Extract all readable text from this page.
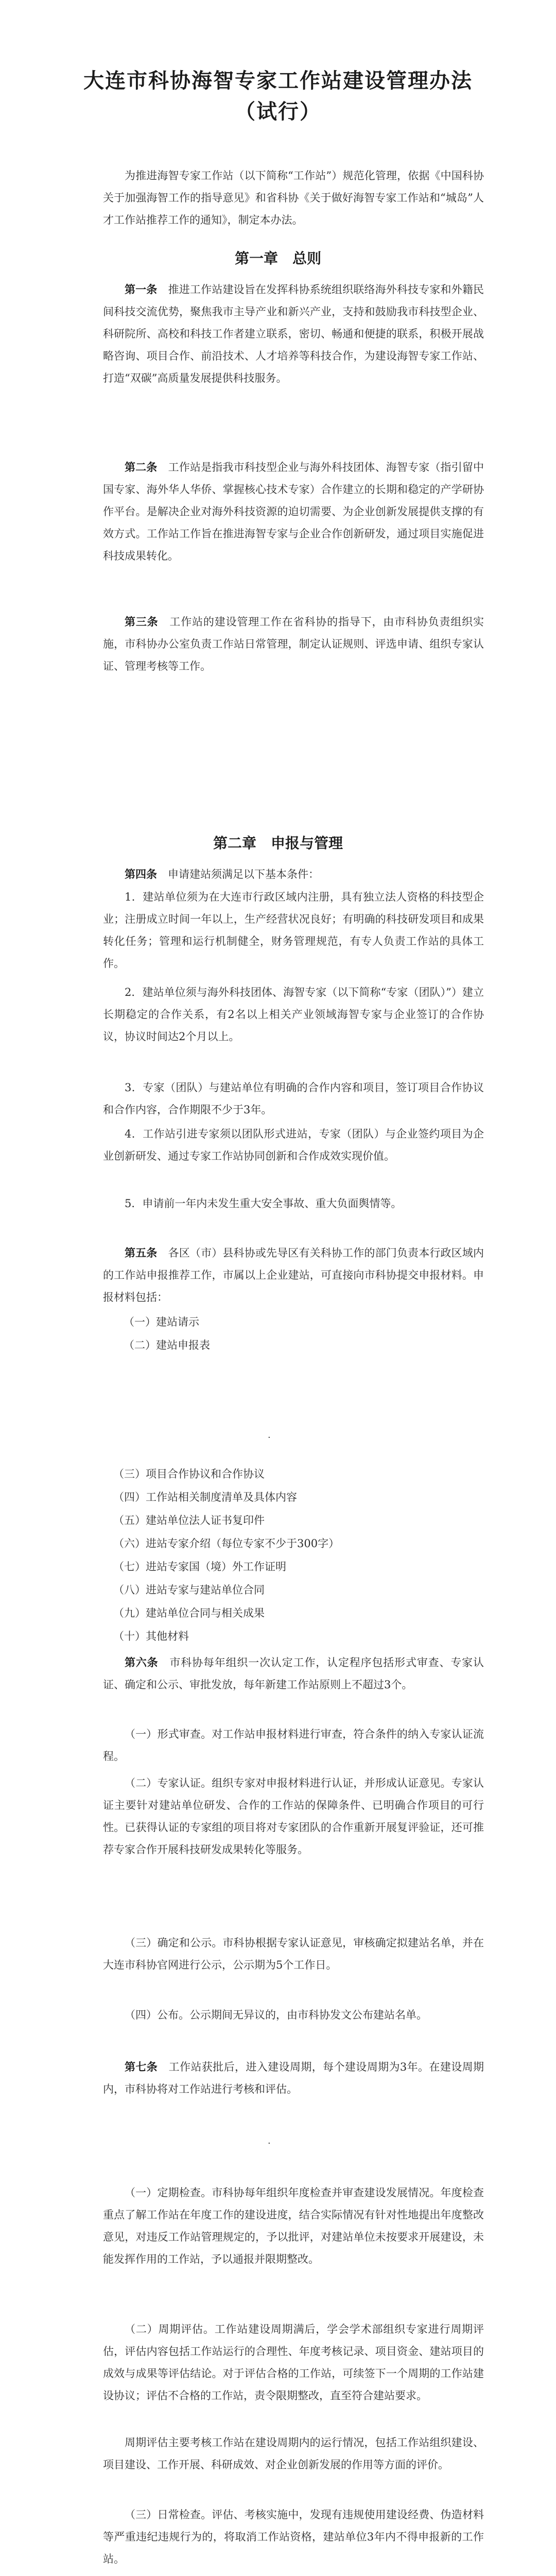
大连市科协海智专家工作站建设管理办法
（试行）
为推进海智专家工作站（以下简称“工作站”）规范化管理，依据《中国科协关于加强海智工作的指导意见》和省科协《关于做好海智专家工作站和“城岛”人才工作站推荐工作的通知》，制定本办法。
第一章　总则
第一条　 推进工作站建设旨在发挥科协系统组织联络海外科技专家和外籍民间科技交流优势，聚焦我市主导产业和新兴产业，支持和鼓励我市科技型企业、科研院所、高校和科技工作者建立联系，密切、畅通和便捷的联系，积极开展战略咨询、项目合作、前沿技术、人才培养等科技合作，为建设海智专家工作站、打造“双碳”高质量发展提供科技服务。
第二条　 工作站是指我市科技型企业与海外科技团体、海智专家（指引留中国专家、海外华人华侨、掌握核心技术专家）合作建立的长期和稳定的产学研协作平台。是解决企业对海外科技资源的迫切需要、为企业创新发展提供支撑的有效方式。工作站工作旨在推进海智专家与企业合作创新研发，通过项目实施促进科技成果转化。
第三条　 工作站的建设管理工作在省科协的指导下，由市科协负责组织实施，市科协办公室负责工作站日常管理，制定认证规则、评选申请、组织专家认证、管理考核等工作。
第二章　申报与管理
第四条　 申请建站须满足以下基本条件：
1．建站单位须为在大连市行政区域内注册，具有独立法人资格的科技型企业；注册成立时间一年以上，生产经营状况良好；有明确的科技研发项目和成果转化任务；管理和运行机制健全，财务管理规范，有专人负责工作站的具体工作。
2．建站单位须与海外科技团体、海智专家（以下简称“专家（团队）”）建立长期稳定的合作关系，有2名以上相关产业领域海智专家与企业签订的合作协议，协议时间达2个月以上。
3．专家（团队）与建站单位有明确的合作内容和项目，签订项目合作协议和合作内容，合作期限不少于3年。
4．工作站引进专家须以团队形式进站，专家（团队）与企业签约项目为企业创新研发、通过专家工作站协同创新和合作成效实现价值。
5．申请前一年内未发生重大安全事故、重大负面舆情等。
第五条　 各区（市）县科协或先导区有关科协工作的部门负责本行政区域内的工作站申报推荐工作，市属以上企业建站，可直接向市科协提交申报材料。申报材料包括：
（一）建站请示
（二）建站申报表
·
（三）项目合作协议和合作协议
（四）工作站相关制度清单及具体内容
（五）建站单位法人证书复印件
（六）进站专家介绍（每位专家不少于300字）
（七）进站专家国（境）外工作证明
（八）进站专家与建站单位合同
（九）建站单位合同与相关成果
（十）其他材料
第六条　 市科协每年组织一次认定工作，认定程序包括形式审查、专家认证、确定和公示、审批发放，每年新建工作站原则上不超过3个。
（一）形式审查。对工作站申报材料进行审查，符合条件的纳入专家认证流程。
（二）专家认证。组织专家对申报材料进行认证，并形成认证意见。专家认证主要针对建站单位研发、合作的工作站的保障条件、已明确合作项目的可行性。已获得认证的专家组的项目将对专家团队的合作重新开展复评验证，还可推荐专家合作开展科技研发成果转化等服务。
（三）确定和公示。市科协根据专家认证意见，审核确定拟建站名单，并在大连市科协官网进行公示，公示期为5个工作日。
（四）公布。公示期间无异议的，由市科协发文公布建站名单。
第七条　 工作站获批后，进入建设周期，每个建设周期为3年。在建设周期内，市科协将对工作站进行考核和评估。
·
（一）定期检查。市科协每年组织年度检查并审查建设发展情况。年度检查重点了解工作站在年度工作的建设进度，结合实际情况有针对性地提出年度整改意见，对违反工作站管理规定的，予以批评，对建站单位未按要求开展建设，未能发挥作用的工作站，予以通报并限期整改。
（二）周期评估。工作站建设周期满后，学会学术部组织专家进行周期评估，评估内容包括工作站运行的合理性、年度考核记录、项目资金、建站项目的成效与成果等评估结论。对于评估合格的工作站，可续签下一个周期的工作站建设协议；评估不合格的工作站，责令限期整改，直至符合建站要求。
周期评估主要考核工作站在建设周期内的运行情况，包括工作站组织建设、项目建设、工作开展、科研成效、对企业创新发展的作用等方面的评价。
（三）日常检查。评估、考核实施中，发现有违规使用建设经费、伪造材料等严重违纪违规行为的，将取消工作站资格，建站单位3年内不得申报新的工作站。
